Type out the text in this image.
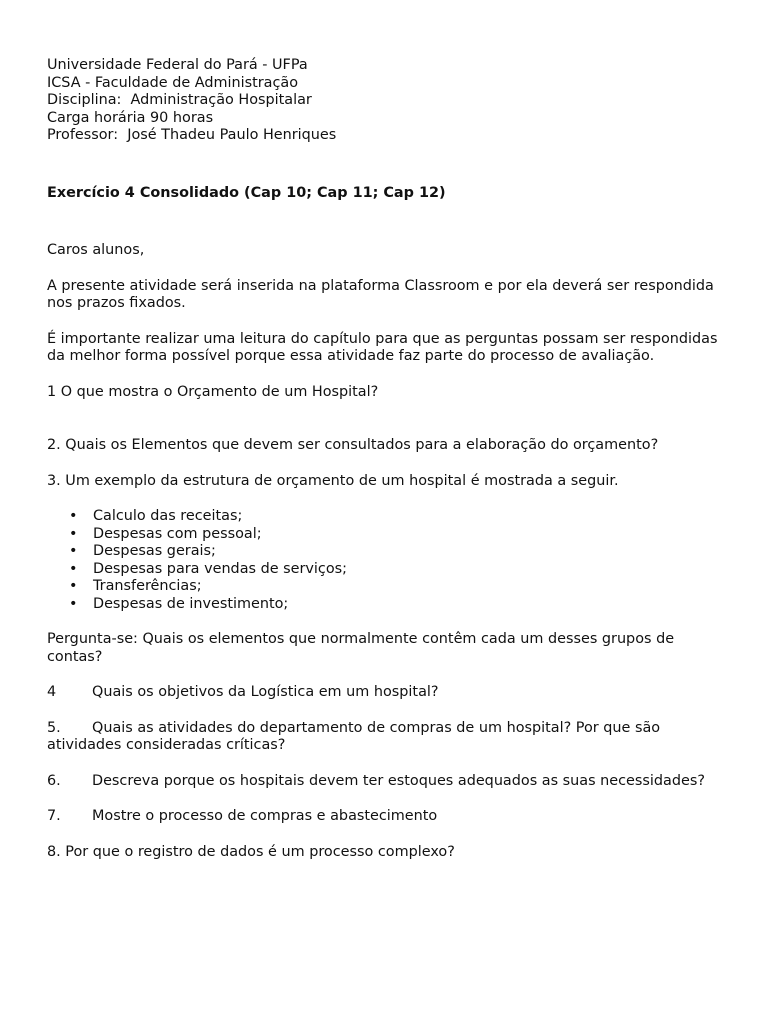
Universidade Federal do Pará - UFPa

ICSA - Faculdade de Administração

Disciplina:  Administração Hospitalar

Carga horária 90 horas

Professor:  José Thadeu Paulo Henriques

Exercício 4 Consolidado (Cap 10; Cap 11; Cap 12)

Caros alunos,

A presente atividade será inserida na plataforma Classroom e por ela deverá ser respondida nos prazos fixados.

É importante realizar uma leitura do capítulo para que as perguntas possam ser respondidas da melhor forma possível porque essa atividade faz parte do processo de avaliação.

1 O que mostra o Orçamento de um Hospital?

2. Quais os Elementos que devem ser consultados para a elaboração do orçamento?

3. Um exemplo da estrutura de orçamento de um hospital é mostrada a seguir.

• Calculo das receitas;
• Despesas com pessoal;
• Despesas gerais;
• Despesas para vendas de serviços;
• Transferências;
• Despesas de investimento;

Pergunta-se: Quais os elementos que normalmente contêm cada um desses grupos de contas?

4	Quais os objetivos da Logística em um hospital?

5. Quais as atividades do departamento de compras de um hospital? Por que são atividades consideradas críticas?

6. Descreva porque os hospitais devem ter estoques adequados as suas necessidades?

7.	Mostre o processo de compras e abastecimento

8. Por que o registro de dados é um processo complexo?
